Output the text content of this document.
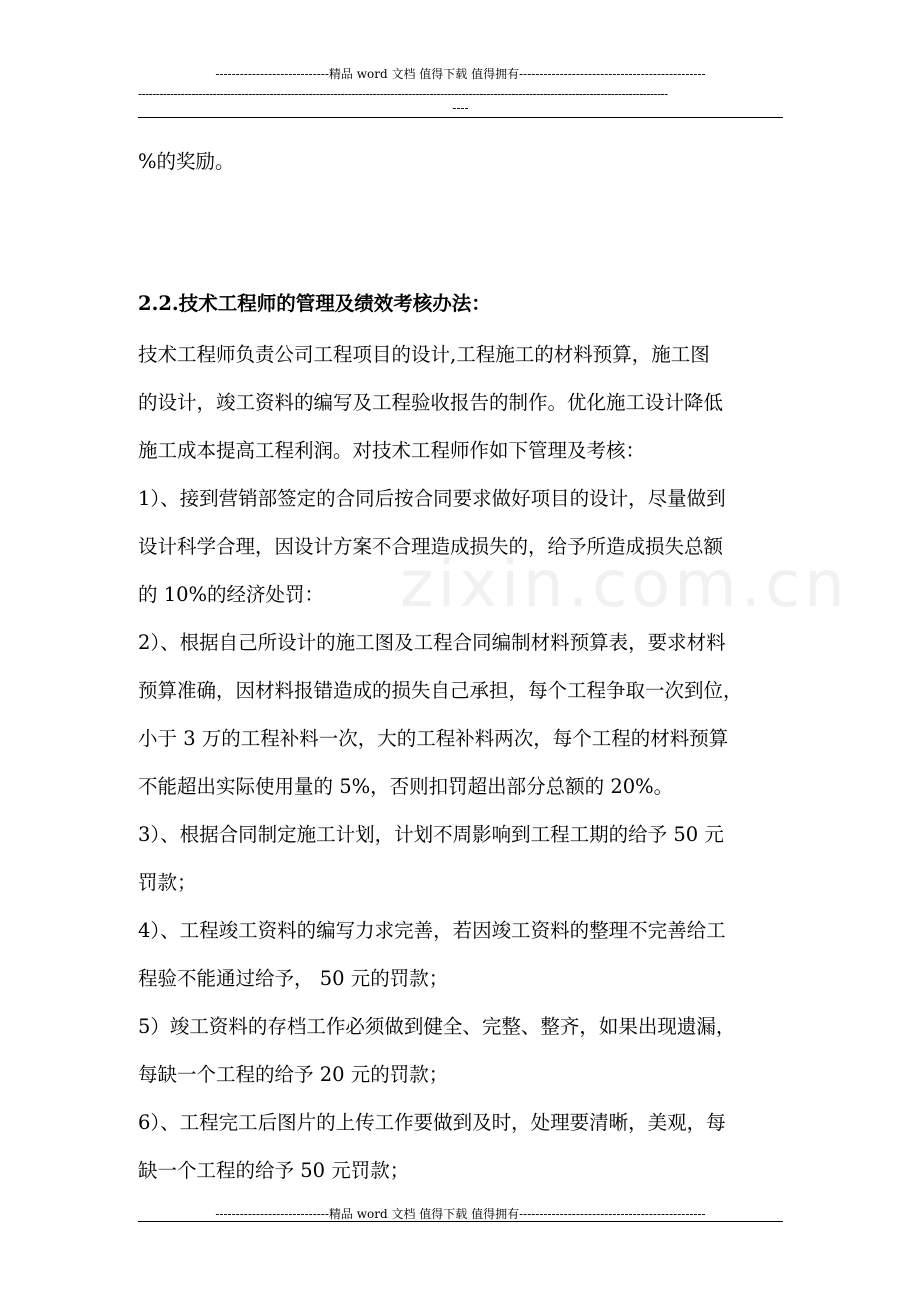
----------------------------精品 word 文档 值得下载 值得拥有----------------------------------------------
-----------------------------------------------------------------------------------------------------------------------------------------------------
----
zixin.com.cn
%的奖励。
2.2.技术工程师的管理及绩效考核办法：
技术工程师负责公司工程项目的设计,工程施工的材料预算，施工图
的设计，竣工资料的编写及工程验收报告的制作。优化施工设计降低
施工成本提高工程利润。对技术工程师作如下管理及考核：
1）、接到营销部签定的合同后按合同要求做好项目的设计，尽量做到
设计科学合理，因设计方案不合理造成损失的，给予所造成损失总额
的 10%的经济处罚：
2）、根据自己所设计的施工图及工程合同编制材料预算表，要求材料
预算准确，因材料报错造成的损失自己承担，每个工程争取一次到位，
小于 3 万的工程补料一次，大的工程补料两次，每个工程的材料预算
不能超出实际使用量的 5%，否则扣罚超出部分总额的 20%。
3）、根据合同制定施工计划，计划不周影响到工程工期的给予 50 元
罚款；
4）、工程竣工资料的编写力求完善，若因竣工资料的整理不完善给工
程验不能通过给予， 50 元的罚款；
5）竣工资料的存档工作必须做到健全、完整、整齐，如果出现遗漏，
每缺一个工程的给予 20 元的罚款；
6）、工程完工后图片的上传工作要做到及时，处理要清晰，美观，每
缺一个工程的给予 50 元罚款；
----------------------------精品 word 文档 值得下载 值得拥有----------------------------------------------
